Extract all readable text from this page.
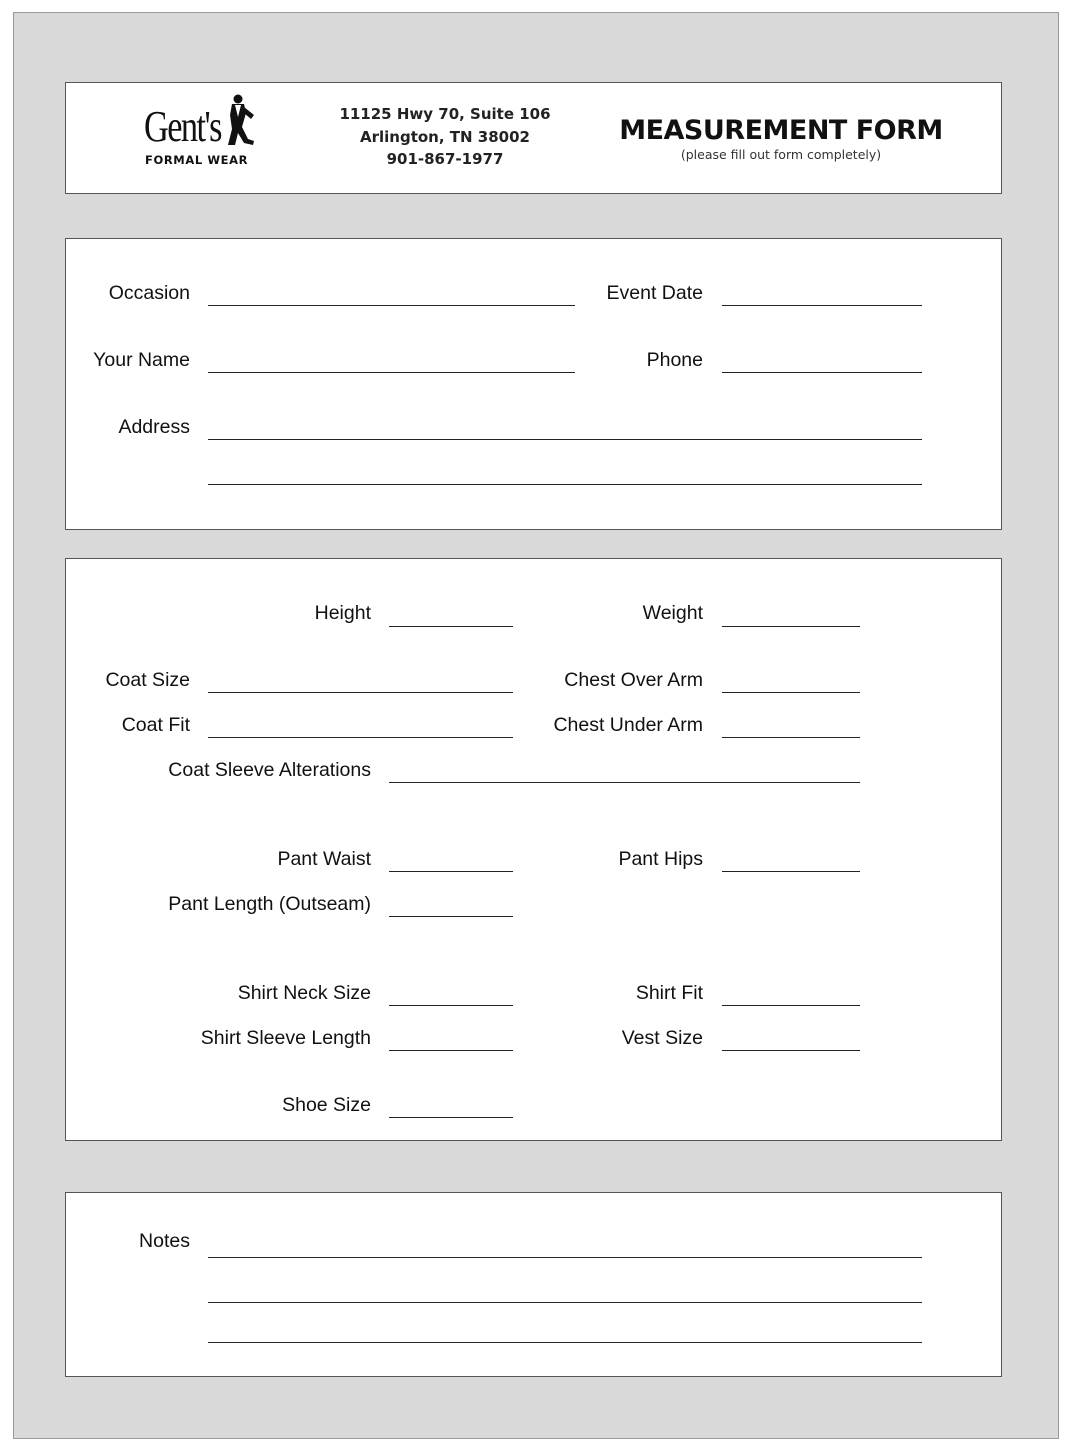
Gent's
FORMAL WEAR
11125 Hwy 70, Suite 106
Arlington, TN 38002
901-867-1977
MEASUREMENT FORM
(please fill out form completely)
Occasion	Event Date
Your Name	Phone
Address
Height	Weight
Coat Size	Chest Over Arm
Coat Fit	Chest Under Arm
Coat Sleeve Alterations
Pant Waist	Pant Hips
Pant Length (Outseam)
Shirt Neck Size	Shirt Fit
Shirt Sleeve Length	Vest Size
Shoe Size
Notes
